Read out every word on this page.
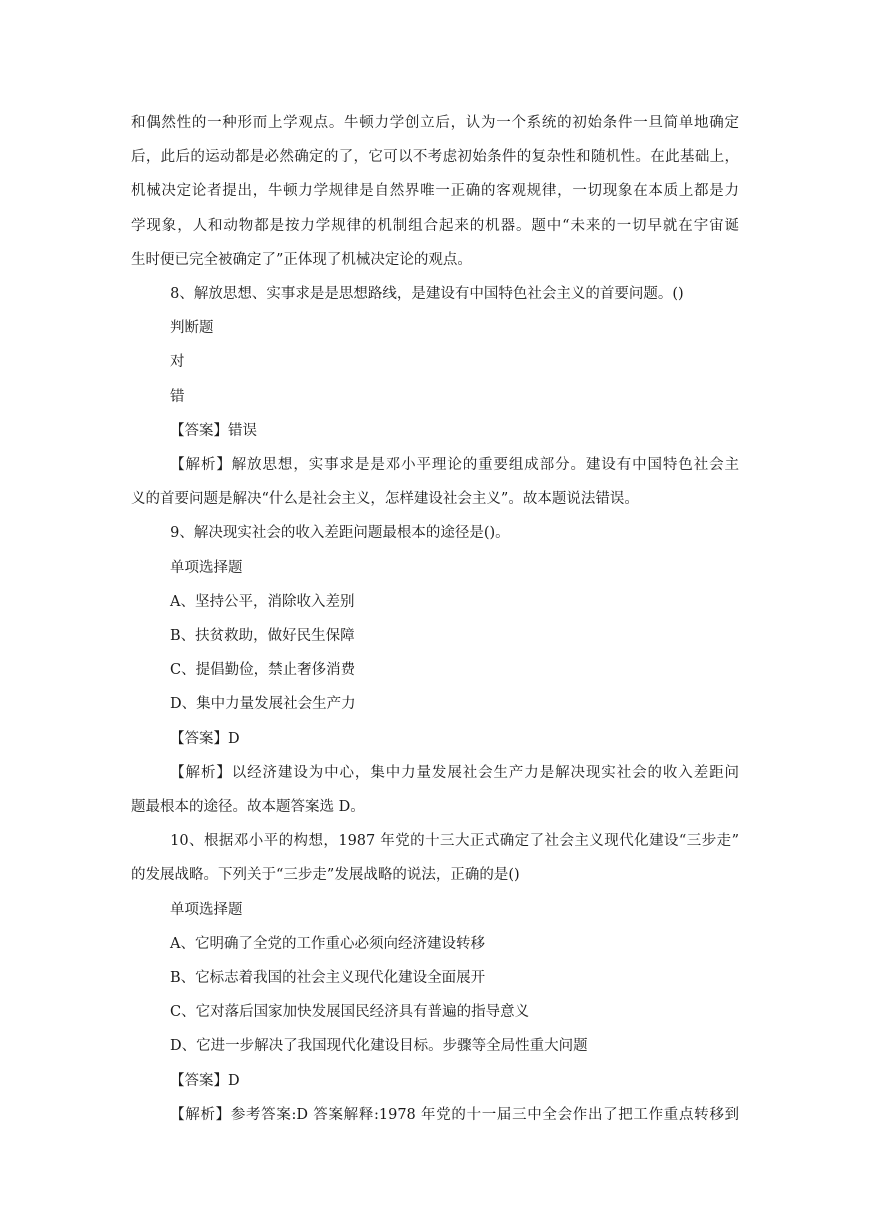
和偶然性的一种形而上学观点。牛顿力学创立后，认为一个系统的初始条件一旦简单地确定

后，此后的运动都是必然确定的了，它可以不考虑初始条件的复杂性和随机性。在此基础上，

机械决定论者提出，牛顿力学规律是自然界唯一正确的客观规律，一切现象在本质上都是力

学现象，人和动物都是按力学规律的机制组合起来的机器。题中“未来的一切早就在宇宙诞

生时便已完全被确定了”正体现了机械决定论的观点。

8、解放思想、实事求是是思想路线，是建设有中国特色社会主义的首要问题。()

判断题

对

错

【答案】错误

【解析】解放思想，实事求是是邓小平理论的重要组成部分。建设有中国特色社会主

义的首要问题是解决“什么是社会主义，怎样建设社会主义”。故本题说法错误。

9、解决现实社会的收入差距问题最根本的途径是()。

单项选择题

A、坚持公平，消除收入差别

B、扶贫救助，做好民生保障

C、提倡勤俭，禁止奢侈消费

D、集中力量发展社会生产力

【答案】D

【解析】以经济建设为中心，集中力量发展社会生产力是解决现实社会的收入差距问

题最根本的途径。故本题答案选 D。

10、根据邓小平的构想，1987 年党的十三大正式确定了社会主义现代化建设“三步走”

的发展战略。下列关于“三步走”发展战略的说法，正确的是()

单项选择题

A、它明确了全党的工作重心必须向经济建设转移

B、它标志着我国的社会主义现代化建设全面展开

C、它对落后国家加快发展国民经济具有普遍的指导意义

D、它进一步解决了我国现代化建设目标。步骤等全局性重大问题

【答案】D

【解析】参考答案:D 答案解释:1978 年党的十一届三中全会作出了把工作重点转移到
